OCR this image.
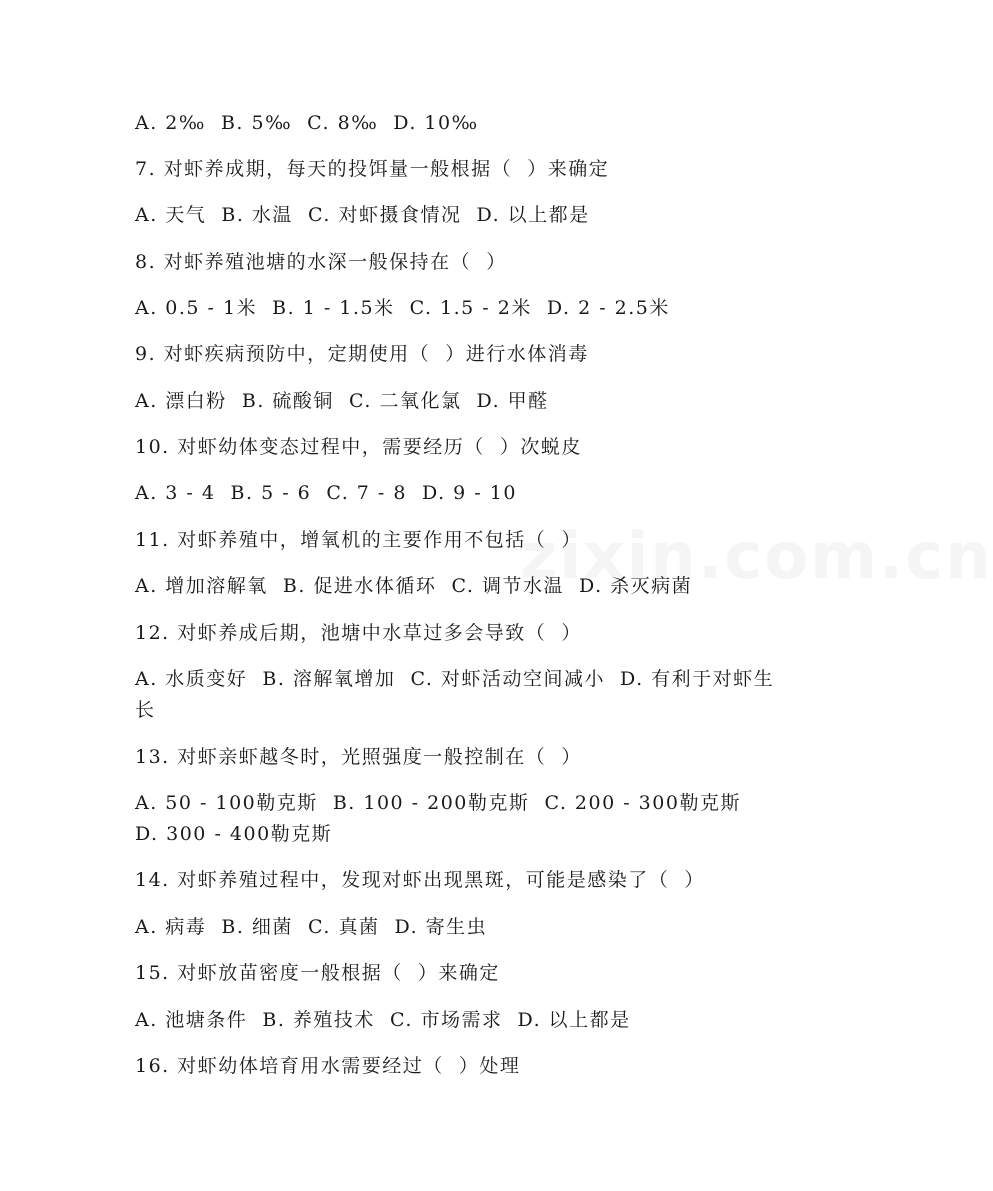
zixin.com.cn
A. 2‰  B. 5‰  C. 8‰  D. 10‰
7. 对虾养成期，每天的投饵量一般根据（  ）来确定
A. 天气  B. 水温  C. 对虾摄食情况  D. 以上都是
8. 对虾养殖池塘的水深一般保持在（  ）
A. 0.5 - 1米  B. 1 - 1.5米  C. 1.5 - 2米  D. 2 - 2.5米
9. 对虾疾病预防中，定期使用（  ）进行水体消毒
A. 漂白粉  B. 硫酸铜  C. 二氧化氯  D. 甲醛
10. 对虾幼体变态过程中，需要经历（  ）次蜕皮
A. 3 - 4  B. 5 - 6  C. 7 - 8  D. 9 - 10
11. 对虾养殖中，增氧机的主要作用不包括（  ）
A. 增加溶解氧  B. 促进水体循环  C. 调节水温  D. 杀灭病菌
12. 对虾养成后期，池塘中水草过多会导致（  ）
A. 水质变好  B. 溶解氧增加  C. 对虾活动空间减小  D. 有利于对虾生长
13. 对虾亲虾越冬时，光照强度一般控制在（  ）
A. 50 - 100勒克斯  B. 100 - 200勒克斯  C. 200 - 300勒克斯  D. 300 - 400勒克斯
14. 对虾养殖过程中，发现对虾出现黑斑，可能是感染了（  ）
A. 病毒  B. 细菌  C. 真菌  D. 寄生虫
15. 对虾放苗密度一般根据（  ）来确定
A. 池塘条件  B. 养殖技术  C. 市场需求  D. 以上都是
16. 对虾幼体培育用水需要经过（  ）处理
